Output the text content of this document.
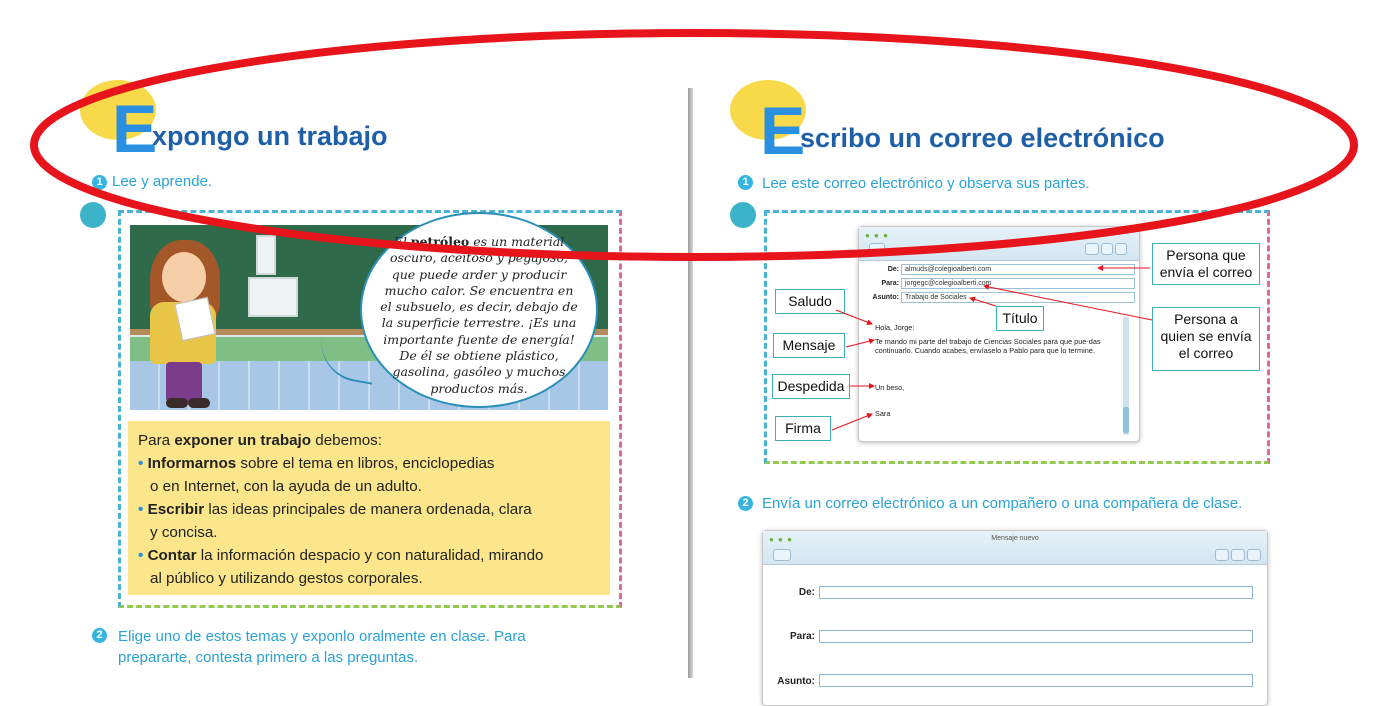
E
xpongo un trabajo
1 Lee y aprende.
El petróleo es un material oscuro, aceitoso y pegajoso, que puede arder y producir mucho calor. Se encuentra en el subsuelo, es decir, debajo de la superficie terrestre. ¡Es una importante fuente de energía! De él se obtiene plástico, gasolina, gasóleo y muchos productos más.
Para exponer un trabajo debemos:
• Informarnos sobre el tema en libros, enciclopedias
o en Internet, con la ayuda de un adulto.
• Escribir las ideas principales de manera ordenada, clara
y concisa.
• Contar la información despacio y con naturalidad, mirando
al público y utilizando gestos corporales.
2 Elige uno de estos temas y exponlo oralmente en clase. Para
prepararte, contesta primero a las preguntas.
E
scribo un correo electrónico
1 Lee este correo electrónico y observa sus partes.
● ● ●
De: almuds@colegioalberti.com
Para: jorgegc@colegioalberti.com
Asunto: Trabajo de Sociales
Hola, Jorge:
Te mando mi parte del trabajo de Ciencias Sociales para que pue-das continuarlo. Cuando acabes, envíaselo a Pablo para que lo termine.
Un beso,
Sara
Saludo
Mensaje
Despedida
Firma
Título
Persona que envía el correo
Persona a quien se envía el correo
2 Envía un correo electrónico a un compañero o una compañera de clase.
● ● ●	Mensaje nuevo
De:
Para:
Asunto:
